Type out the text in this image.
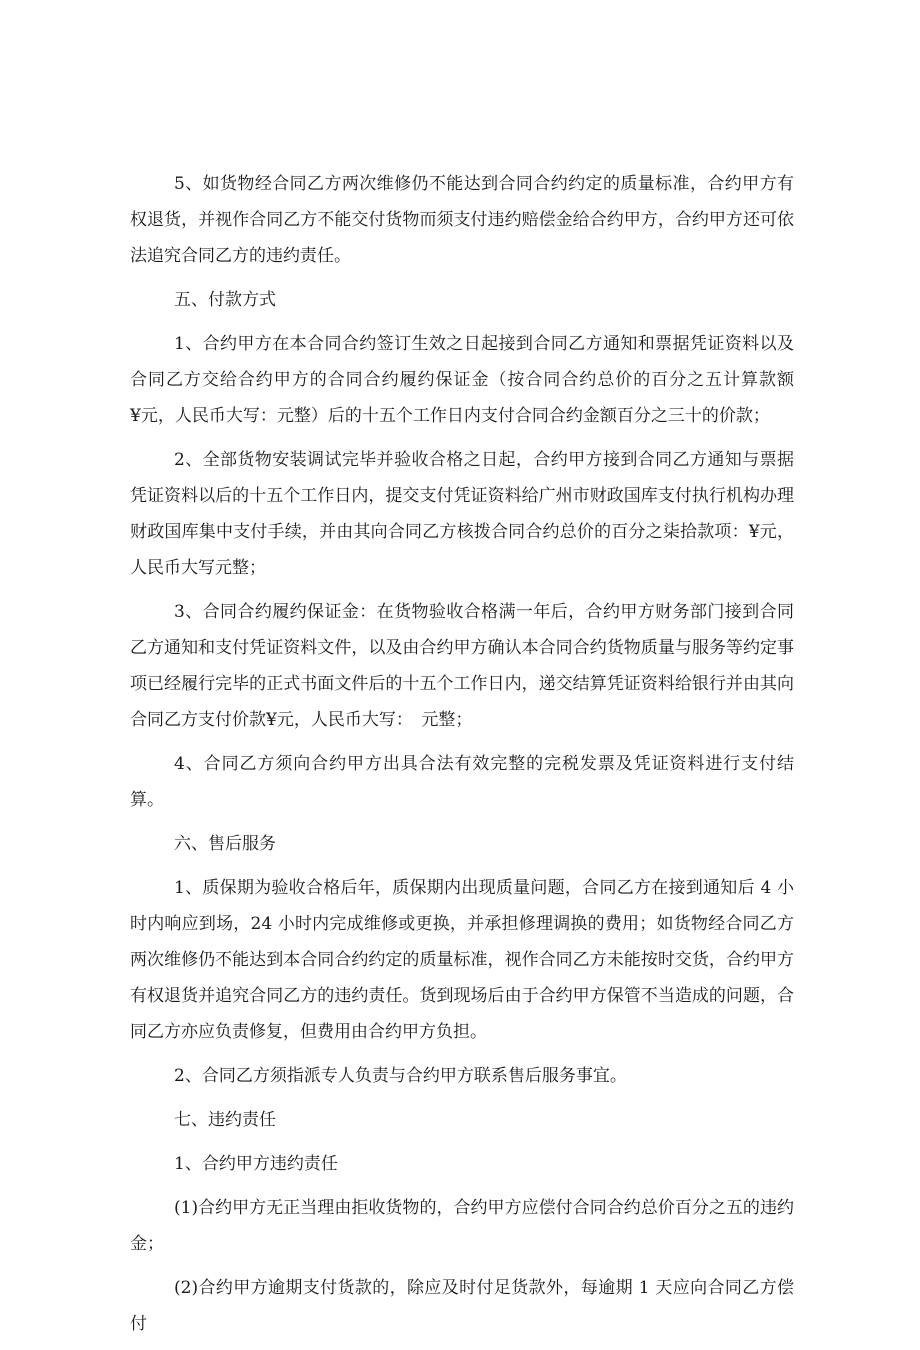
5、如货物经合同乙方两次维修仍不能达到合同合约约定的质量标准，合约甲方有权退货，并视作合同乙方不能交付货物而须支付违约赔偿金给合约甲方，合约甲方还可依法追究合同乙方的违约责任。

五、付款方式

1、合约甲方在本合同合约签订生效之日起接到合同乙方通知和票据凭证资料以及合同乙方交给合约甲方的合同合约履约保证金（按合同合约总价的百分之五计算款额¥元，人民币大写：元整）后的十五个工作日内支付合同合约金额百分之三十的价款；

2、全部货物安装调试完毕并验收合格之日起，合约甲方接到合同乙方通知与票据凭证资料以后的十五个工作日内，提交支付凭证资料给广州市财政国库支付执行机构办理财政国库集中支付手续，并由其向合同乙方核拨合同合约总价的百分之柒拾款项：¥元，人民币大写元整；

3、合同合约履约保证金：在货物验收合格满一年后，合约甲方财务部门接到合同乙方通知和支付凭证资料文件，以及由合约甲方确认本合同合约货物质量与服务等约定事项已经履行完毕的正式书面文件后的十五个工作日内，递交结算凭证资料给银行并由其向合同乙方支付价款¥元，人民币大写：　元整；

4、合同乙方须向合约甲方出具合法有效完整的完税发票及凭证资料进行支付结算。

六、售后服务

1、质保期为验收合格后年，质保期内出现质量问题，合同乙方在接到通知后 4 小时内响应到场，24 小时内完成维修或更换，并承担修理调换的费用；如货物经合同乙方两次维修仍不能达到本合同合约约定的质量标准，视作合同乙方未能按时交货，合约甲方有权退货并追究合同乙方的违约责任。货到现场后由于合约甲方保管不当造成的问题，合同乙方亦应负责修复，但费用由合约甲方负担。

2、合同乙方须指派专人负责与合约甲方联系售后服务事宜。

七、违约责任

1、合约甲方违约责任

(1)合约甲方无正当理由拒收货物的，合约甲方应偿付合同合约总价百分之五的违约金；

(2)合约甲方逾期支付货款的，除应及时付足货款外，每逾期 1 天应向合同乙方偿付
